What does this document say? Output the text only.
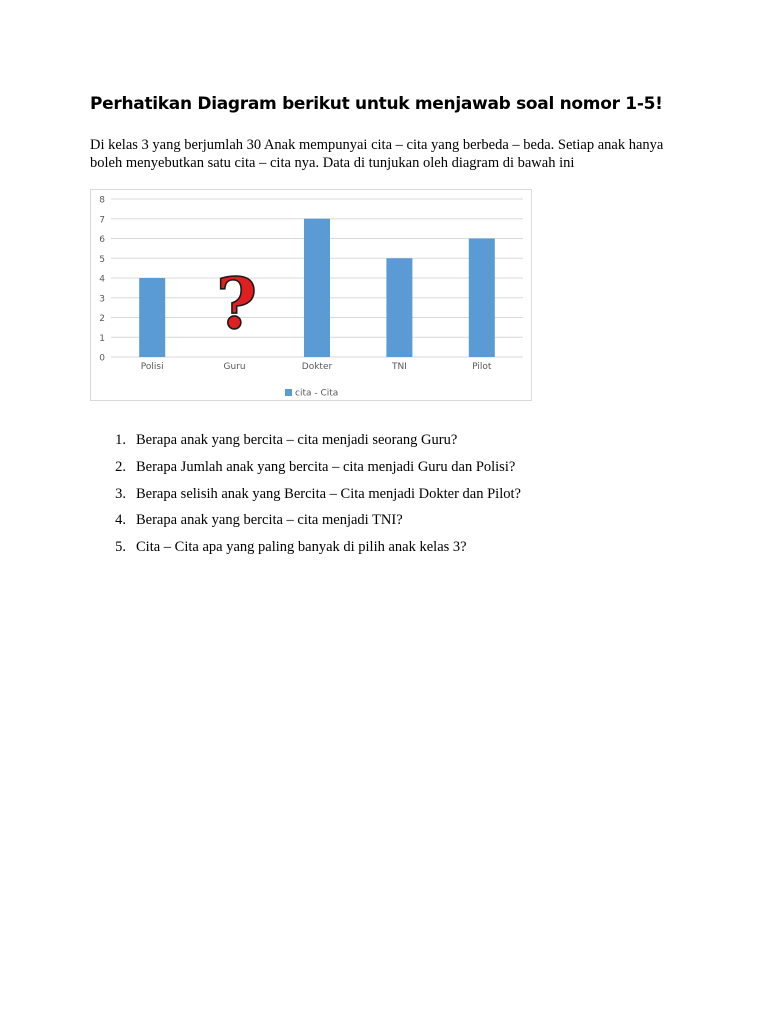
Perhatikan Diagram berikut untuk menjawab soal nomor 1-5!

Di kelas 3 yang berjumlah 30 Anak mempunyai cita – cita yang berbeda – beda. Setiap anak hanya boleh menyebutkan satu cita – cita nya. Data di tunjukan oleh diagram di bawah ini

0
1
2
3
4
5
6
7
8
Polisi
?
Guru	Dokter	TNI	Pilot
cita - Cita
1. Berapa anak yang bercita – cita menjadi seorang Guru?
2. Berapa Jumlah anak yang bercita – cita menjadi Guru dan Polisi?
3. Berapa selisih anak yang Bercita – Cita menjadi Dokter dan Pilot?
4. Berapa anak yang bercita – cita menjadi TNI?
5. Cita – Cita apa yang paling banyak di pilih anak kelas 3?
